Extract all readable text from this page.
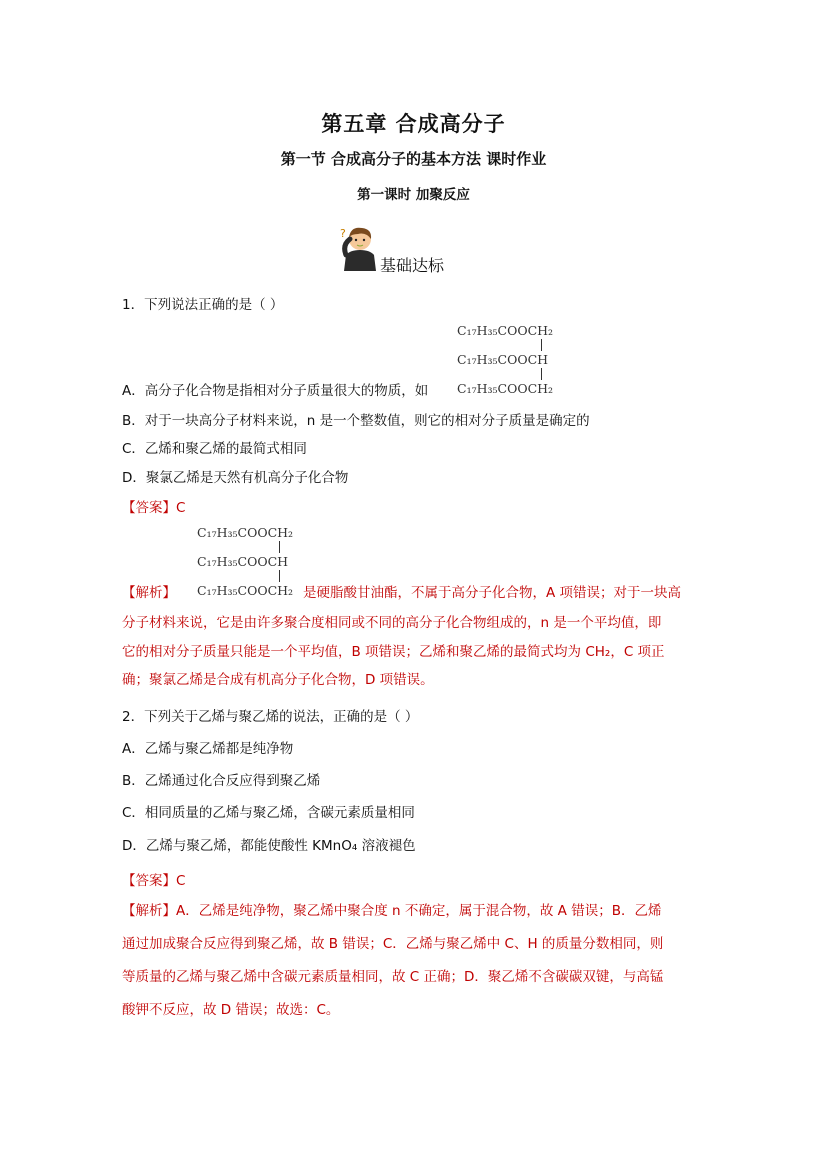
第五章 合成高分子
第一节 合成高分子的基本方法 课时作业
第一课时 加聚反应
?
基础达标
1．下列说法正确的是（ ）
C₁₇H₃₅COOCH₂
C₁₇H₃₅COOCH
C₁₇H₃₅COOCH₂
A．高分子化合物是指相对分子质量很大的物质，如
B．对于一块高分子材料来说，n 是一个整数值，则它的相对分子质量是确定的
C．乙烯和聚乙烯的最简式相同
D．聚氯乙烯是天然有机高分子化合物
【答案】C
C₁₇H₃₅COOCH₂
C₁₇H₃₅COOCH
C₁₇H₃₅COOCH₂
【解析】	是硬脂酸甘油酯，不属于高分子化合物，A 项错误；对于一块高
分子材料来说，它是由许多聚合度相同或不同的高分子化合物组成的，n 是一个平均值，即
它的相对分子质量只能是一个平均值，B 项错误；乙烯和聚乙烯的最简式均为 CH₂，C 项正
确；聚氯乙烯是合成有机高分子化合物，D 项错误。
2．下列关于乙烯与聚乙烯的说法，正确的是（ ）
A．乙烯与聚乙烯都是纯净物
B．乙烯通过化合反应得到聚乙烯
C．相同质量的乙烯与聚乙烯，含碳元素质量相同
D．乙烯与聚乙烯，都能使酸性 KMnO₄ 溶液褪色
【答案】C
【解析】A．乙烯是纯净物，聚乙烯中聚合度 n 不确定，属于混合物，故 A 错误；B．乙烯
通过加成聚合反应得到聚乙烯，故 B 错误；C．乙烯与聚乙烯中 C、H 的质量分数相同，则
等质量的乙烯与聚乙烯中含碳元素质量相同，故 C 正确；D．聚乙烯不含碳碳双键，与高锰
酸钾不反应，故 D 错误；故选：C。
